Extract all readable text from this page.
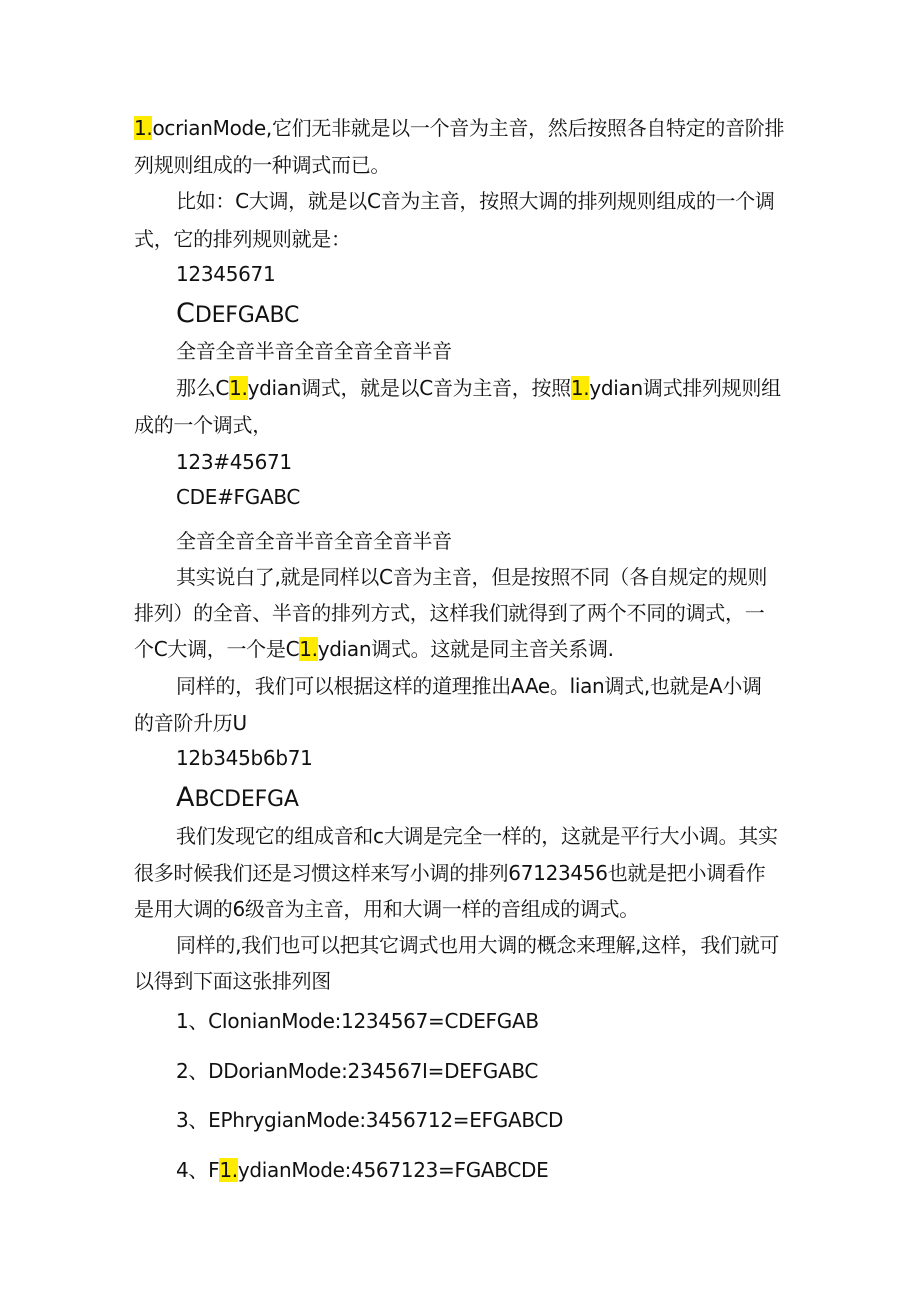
1.ocrianMode,它们无非就是以一个音为主音，然后按照各自特定的音阶排
列规则组成的一种调式而已。
比如：C大调，就是以C音为主音，按照大调的排列规则组成的一个调
式，它的排列规则就是：
12345671
CDEFGABC
全音全音半音全音全音全音半音
那么C1.ydian调式，就是以C音为主音，按照1.ydian调式排列规则组
成的一个调式，
123#45671
CDE#FGABC
全音全音全音半音全音全音半音
其实说白了,就是同样以C音为主音，但是按照不同（各自规定的规则
排列）的全音、半音的排列方式，这样我们就得到了两个不同的调式，一
个C大调，一个是C1.ydian调式。这就是同主音关系调.
同样的，我们可以根据这样的道理推出AAe。lian调式,也就是A小调
的音阶升历U
12b345b6b71
ABCDEFGA
我们发现它的组成音和c大调是完全一样的，这就是平行大小调。其实
很多时候我们还是习惯这样来写小调的排列67123456也就是把小调看作
是用大调的6级音为主音，用和大调一样的音组成的调式。
同样的,我们也可以把其它调式也用大调的概念来理解,这样，我们就可
以得到下面这张排列图
1、CIonianMode:1234567=CDEFGAB
2、DDorianMode:234567I=DEFGABC
3、EPhrygianMode:3456712=EFGABCD
4、F1.ydianMode:4567123=FGABCDE
